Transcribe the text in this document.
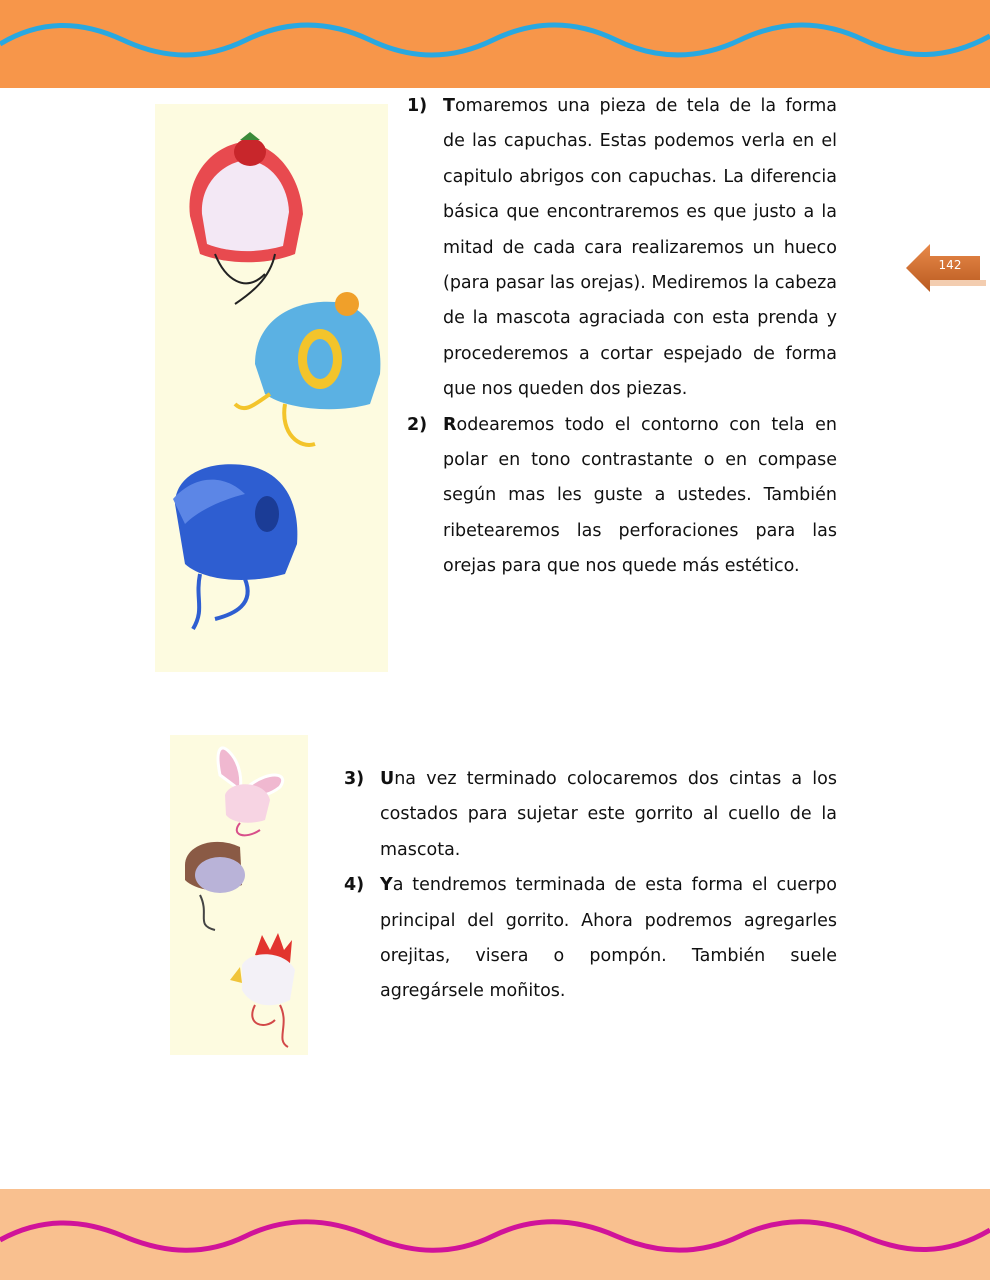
142
1) Tomaremos una pieza de tela de la forma de las capuchas. Estas podemos verla en el capitulo abrigos con capuchas. La diferencia básica que encontraremos es que justo a la mitad de cada cara realizaremos un hueco (para pasar las orejas). Mediremos la cabeza de la mascota agraciada con esta prenda y procederemos a cortar espejado de forma que nos queden dos piezas.
2) Rodearemos todo el contorno con tela en polar en tono contrastante o en compase según mas les guste a ustedes. También ribetearemos las perforaciones para las orejas para que nos quede más estético.
3) Una vez terminado colocaremos dos cintas a los costados para sujetar este gorrito al cuello de la mascota.
4) Ya tendremos terminada de esta forma el cuerpo principal del gorrito. Ahora podremos agregarles orejitas, visera o pompón. También suele agregársele moñitos.
